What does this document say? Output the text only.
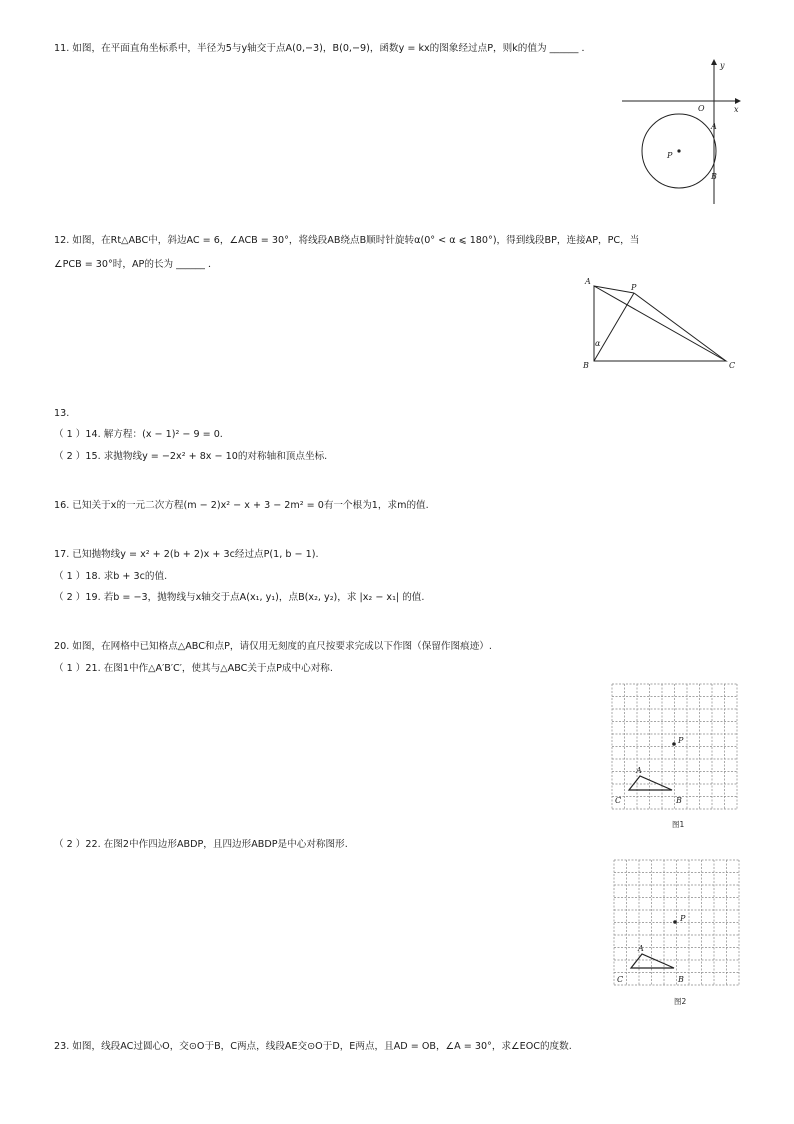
11. 如图，在平面直角坐标系中，半径为5与y轴交于点A(0,−3)，B(0,−9)，函数y = kx的图象经过点P，则k的值为 ______ ．
y
x
O
A
P
B
12. 如图，在Rt△ABC中，斜边AC = 6，∠ACB = 30°，将线段AB绕点B顺时针旋转α(0° < α ⩽ 180°)，得到线段BP，连接AP，PC，当
∠PCB = 30°时，AP的长为 ______ ．
A
P
B	C
α
13.
（ 1 ）14. 解方程：(x − 1)² − 9 = 0.
（ 2 ）15. 求抛物线y = −2x² + 8x − 10的对称轴和顶点坐标.
16. 已知关于x的一元二次方程(m − 2)x² − x + 3 − 2m² = 0有一个根为1，求m的值.
17. 已知抛物线y = x² + 2(b + 2)x + 3c经过点P(1, b − 1).
（ 1 ）18. 求b + 3c的值.
（ 2 ）19. 若b = −3，抛物线与x轴交于点A(x₁, y₁)，点B(x₂, y₂)，求 |x₂ − x₁| 的值.
20. 如图，在网格中已知格点△ABC和点P，请仅用无刻度的直尺按要求完成以下作图（保留作图痕迹）.
（ 1 ）21. 在图1中作△A′B′C′，使其与△ABC关于点P成中心对称.
P
A
C	B
图1
（ 2 ）22. 在图2中作四边形ABDP，且四边形ABDP是中心对称图形.
P
A
C	B
图2
23. 如图，线段AC过圆心O，交⊙O于B，C两点，线段AE交⊙O于D，E两点，且AD = OB，∠A = 30°，求∠EOC的度数.
